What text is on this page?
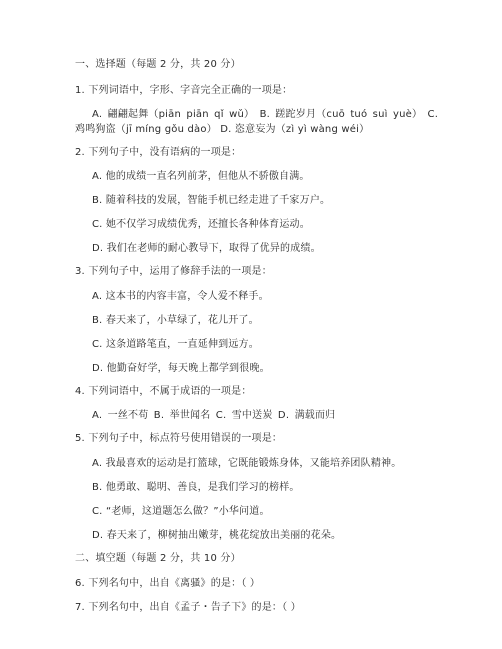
一、选择题（每题 2 分，共 20 分）
1. 下列词语中，字形、字音完全正确的一项是：
A. 翩翩起舞（piān piān qǐ wǔ） B. 蹉跎岁月（cuō tuó suì yuè） C.
鸡鸣狗盗（jī míng gǒu dào） D. 恣意妄为（zì yì wàng wéi）
2. 下列句子中，没有语病的一项是：
A. 他的成绩一直名列前茅，但他从不骄傲自满。
B. 随着科技的发展，智能手机已经走进了千家万户。
C. 她不仅学习成绩优秀，还擅长各种体育运动。
D. 我们在老师的耐心教导下，取得了优异的成绩。
3. 下列句子中，运用了修辞手法的一项是：
A. 这本书的内容丰富，令人爱不释手。
B. 春天来了，小草绿了，花儿开了。
C. 这条道路笔直，一直延伸到远方。
D. 他勤奋好学，每天晚上都学到很晚。
4. 下列词语中，不属于成语的一项是：
A. 一丝不苟 B. 举世闻名 C. 雪中送炭 D. 满载而归
5. 下列句子中，标点符号使用错误的一项是：
A. 我最喜欢的运动是打篮球，它既能锻炼身体，又能培养团队精神。
B. 他勇敢、聪明、善良，是我们学习的榜样。
C. “老师，这道题怎么做？”小华问道。
D. 春天来了，柳树抽出嫩芽，桃花绽放出美丽的花朵。
二、填空题（每题 2 分，共 10 分）
6. 下列名句中，出自《离骚》的是：（ ）
7. 下列名句中，出自《孟子・告子下》的是：（ ）
